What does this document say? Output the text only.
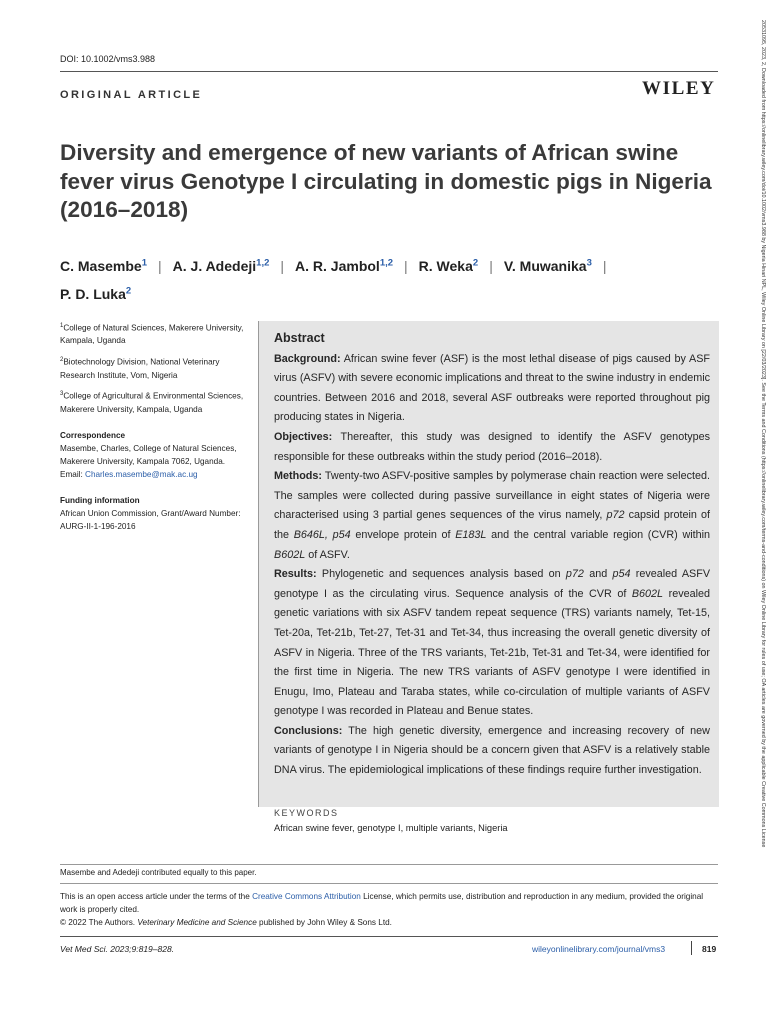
DOI: 10.1002/vms3.988
ORIGINAL ARTICLE	WILEY
Diversity and emergence of new variants of African swine fever virus Genotype I circulating in domestic pigs in Nigeria (2016–2018)
C. Masembe$^1$ | A. J. Adedeji$^{1,2}$ | A. R. Jambol$^{1,2}$ | R. Weka$^2$ | V. Muwanika$^3$ |
P. D. Luka$^2$
$^1$College of Natural Sciences, Makerere University, Kampala, Uganda
$^2$Biotechnology Division, National Veterinary Research Institute, Vom, Nigeria
$^3$College of Agricultural & Environmental Sciences, Makerere University, Kampala, Uganda
Correspondence
Masembe, Charles, College of Natural Sciences, Makerere University, Kampala 7062, Uganda.
Email: Charles.masembe@mak.ac.ug
Funding information
African Union Commission, Grant/Award Number: AURG-II-1-196-2016
Abstract
Background: African swine fever (ASF) is the most lethal disease of pigs caused by ASF virus (ASFV) with severe economic implications and threat to the swine industry in endemic countries. Between 2016 and 2018, several ASF outbreaks were reported throughout pig producing states in Nigeria.
Objectives: Thereafter, this study was designed to identify the ASFV genotypes responsible for these outbreaks within the study period (2016–2018).
Methods: Twenty-two ASFV-positive samples by polymerase chain reaction were selected. The samples were collected during passive surveillance in eight states of Nigeria were characterised using 3 partial genes sequences of the virus namely, p72 capsid protein of the B646L, p54 envelope protein of E183L and the central variable region (CVR) within B602L of ASFV.
Results: Phylogenetic and sequences analysis based on p72 and p54 revealed ASFV genotype I as the circulating virus. Sequence analysis of the CVR of B602L revealed genetic variations with six ASFV tandem repeat sequence (TRS) variants namely, Tet-15, Tet-20a, Tet-21b, Tet-27, Tet-31 and Tet-34, thus increasing the overall genetic diversity of ASFV in Nigeria. Three of the TRS variants, Tet-21b, Tet-31 and Tet-34, were identified for the first time in Nigeria. The new TRS variants of ASFV genotype I were identified in Enugu, Imo, Plateau and Taraba states, while co-circulation of multiple variants of ASFV genotype I was recorded in Plateau and Benue states.
Conclusions: The high genetic diversity, emergence and increasing recovery of new variants of genotype I in Nigeria should be a concern given that ASFV is a relatively stable DNA virus. The epidemiological implications of these findings require further investigation.
KEYWORDS
African swine fever, genotype I, multiple variants, Nigeria
Masembe and Adedeji contributed equally to this paper.
This is an open access article under the terms of the Creative Commons Attribution License, which permits use, distribution and reproduction in any medium, provided the original work is properly cited.
© 2022 The Authors. Veterinary Medicine and Science published by John Wiley & Sons Ltd.
Vet Med Sci. 2023;9:819–828.	wileyonlinelibrary.com/journal/vms3	819
20531095, 2023, 2, Downloaded from https://onlinelibrary.wiley.com/doi/10.1002/vms3.988 by Nigeria Hinari NPL, Wiley Online Library on [22/03/2023]. See the Terms and Conditions (https://onlinelibrary.wiley.com/terms-and-conditions) on Wiley Online Library for rules of use; OA articles are governed by the applicable Creative Commons License
